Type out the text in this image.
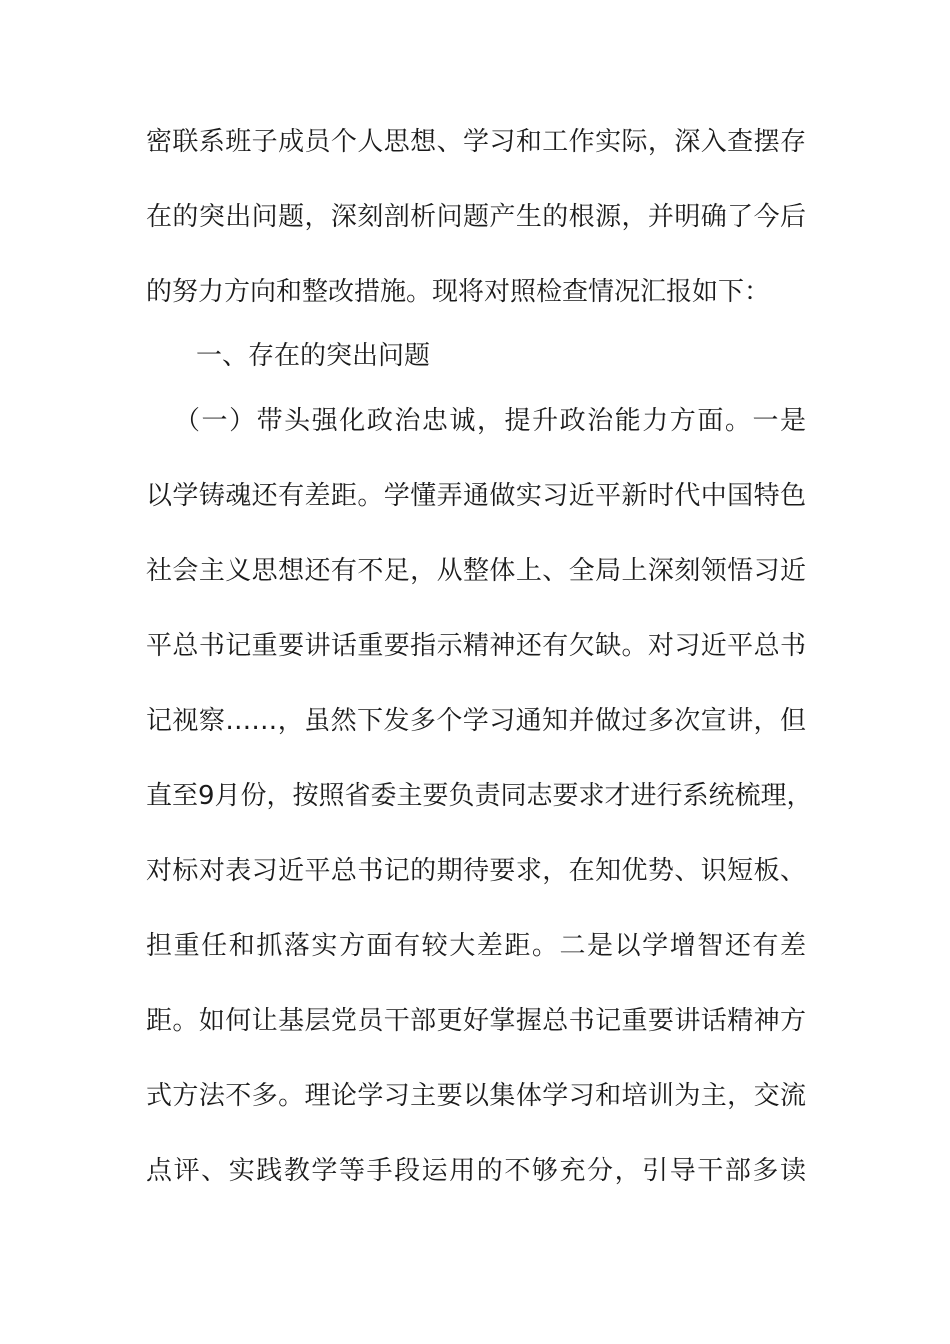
密联系班子成员个人思想、学习和工作实际，深入查摆存
在的突出问题，深刻剖析问题产生的根源，并明确了今后
的努力方向和整改措施。现将对照检查情况汇报如下：
一、存在的突出问题
（一）带头强化政治忠诚，提升政治能力方面。一是
以学铸魂还有差距。学懂弄通做实习近平新时代中国特色
社会主义思想还有不足，从整体上、全局上深刻领悟习近
平总书记重要讲话重要指示精神还有欠缺。对习近平总书
记视察……，虽然下发多个学习通知并做过多次宣讲，但
直至9月份，按照省委主要负责同志要求才进行系统梳理，
对标对表习近平总书记的期待要求，在知优势、识短板、
担重任和抓落实方面有较大差距。二是以学增智还有差
距。如何让基层党员干部更好掌握总书记重要讲话精神方
式方法不多。理论学习主要以集体学习和培训为主，交流
点评、实践教学等手段运用的不够充分，引导干部多读
